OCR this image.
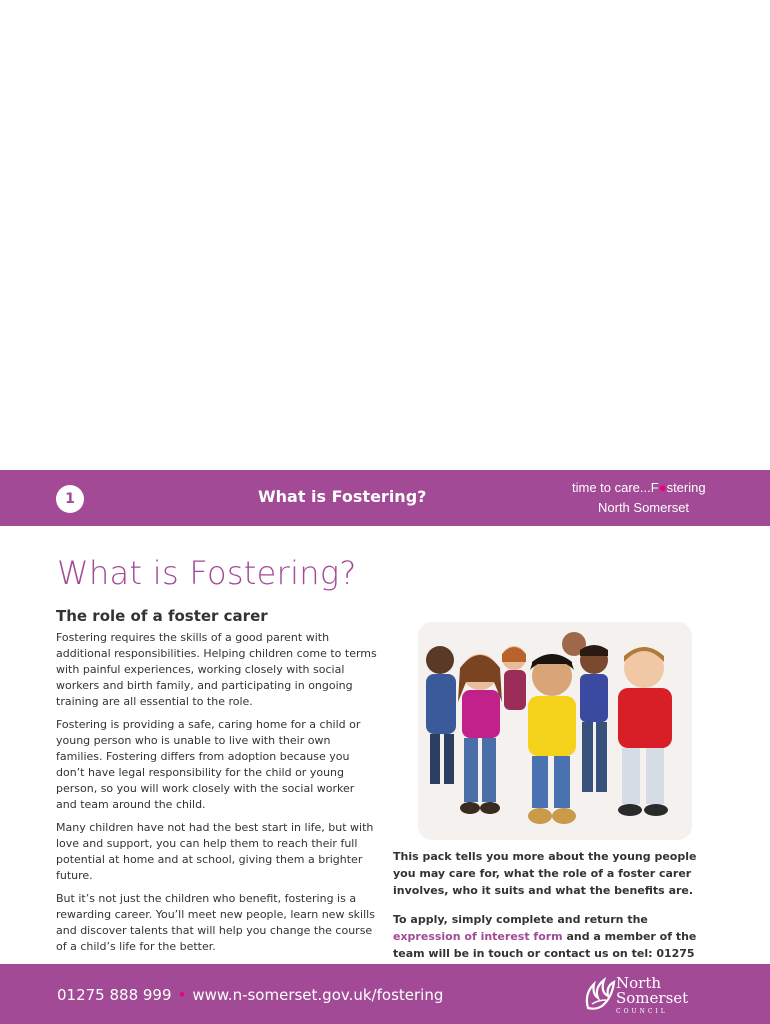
1	What is Fostering?	time to care...F●stering
North Somerset
What is Fostering?
The role of a foster carer

Fostering requires the skills of a good parent with additional responsibilities. Helping children come to terms with painful experiences, working closely with social workers and birth family, and participating in ongoing training are all essential to the role.

Fostering is providing a safe, caring home for a child or young person who is unable to live with their own families. Fostering differs from adoption because you don’t have legal responsibility for the child or young person, so you will work closely with the social worker and team around the child.

Many children have not had the best start in life, but with love and support, you can help them to reach their full potential at home and at school, giving them a brighter future.

But it’s not just the children who benefit, fostering is a rewarding career. You’ll meet new people, learn new skills and discover talents that will help you change the course of a child’s life for the better.

This pack tells you more about the young people you may care for, what the role of a foster carer involves, who it suits and what the benefits are.

To apply, simply complete and return the expression of interest form and a member of the team will be in touch or contact us on tel: 01275

01275 888 999 • www.n-somerset.gov.uk/fostering
North
Somerset
COUNCIL
